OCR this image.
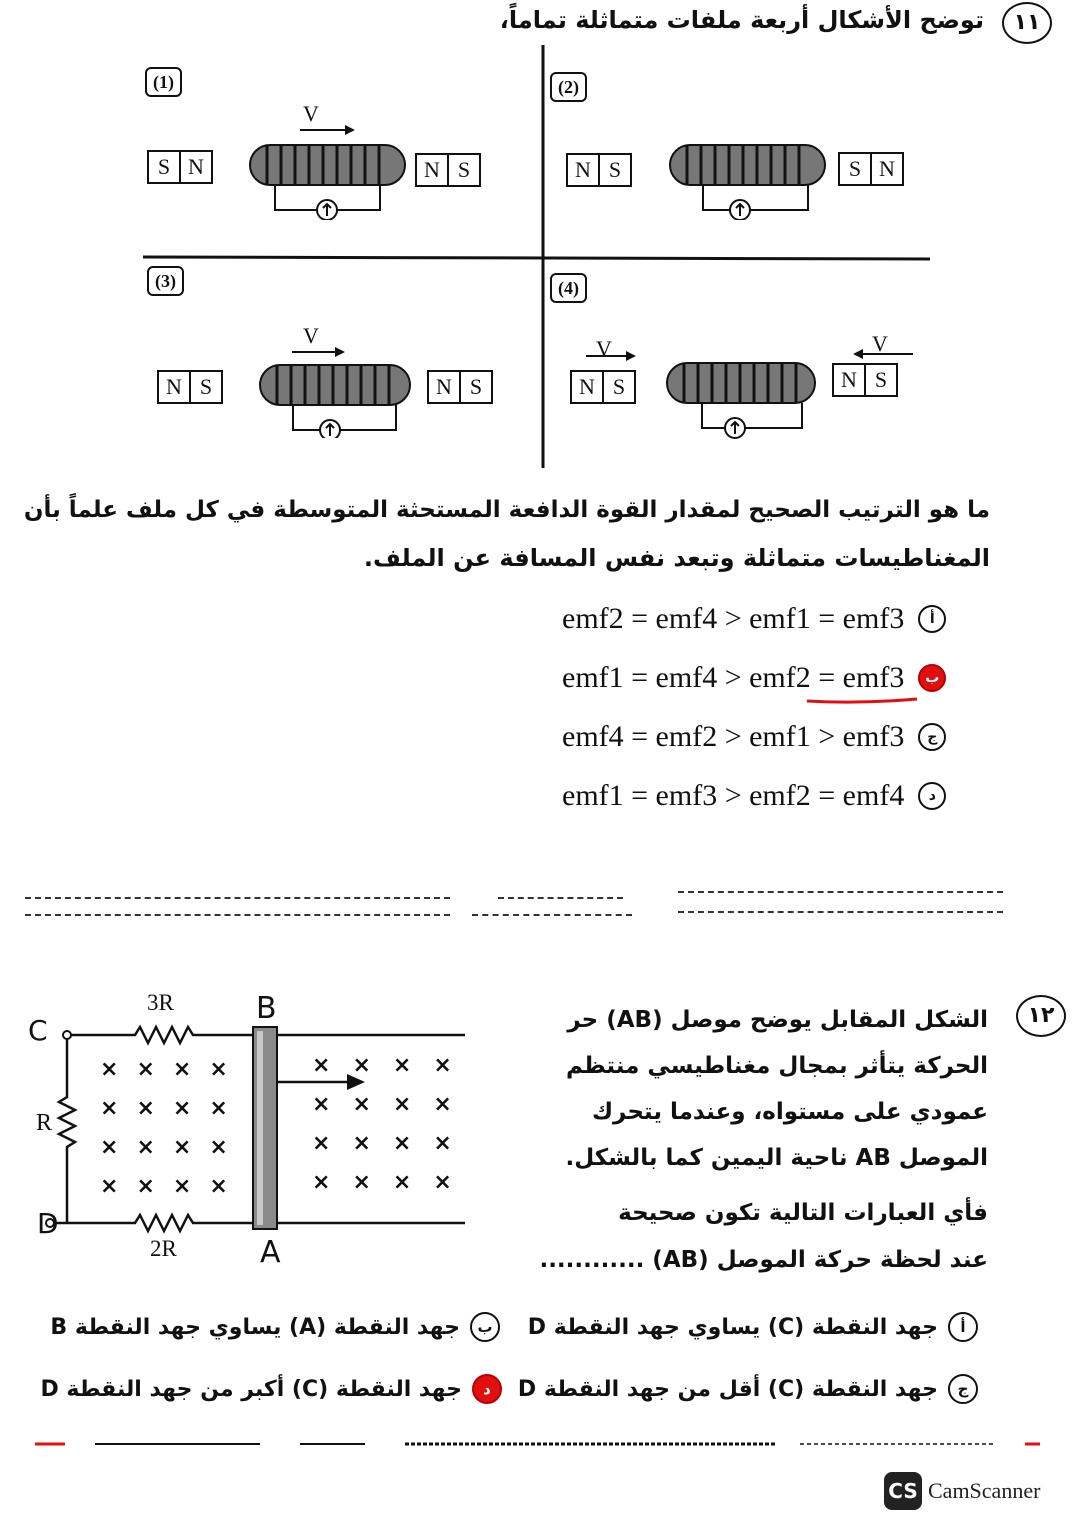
١١
توضح الأشكال أربعة ملفات متماثلة تماماً،
(1)
S N	N S
V
(2)
N S	S N
(3)
N S	N S
V
(4)
V	V
N S	N S
ما هو الترتيب الصحيح لمقدار القوة الدافعة المستحثة المتوسطة في كل ملف علماً بأن
المغناطيسات متماثلة وتبعد نفس المسافة عن الملف.
emf2 = emf4 > emf1 = emf3	أ
emf1 = emf4 > emf2 = emf3	ب
emf4 = emf2 > emf1 > emf3	ج
emf1 = emf3 > emf2 = emf4	د
١٢
الشكل المقابل يوضح موصل (AB) حر
الحركة يتأثر بمجال مغناطيسي منتظم
عمودي على مستواه، وعندما يتحرك
الموصل AB ناحية اليمين كما بالشكل.
فأي العبارات التالية تكون صحيحة
عند لحظة حركة الموصل (AB) ............
××××
××××
××××
××××
××××
××××
××××
××××
3R
R
2R
C
D
B
A
أ
جهد النقطة (C) يساوي جهد النقطة D
ب
جهد النقطة (A) يساوي جهد النقطة B
ج
جهد النقطة (C) أقل من جهد النقطة D
د
جهد النقطة (C) أكبر من جهد النقطة D
CS CamScanner
